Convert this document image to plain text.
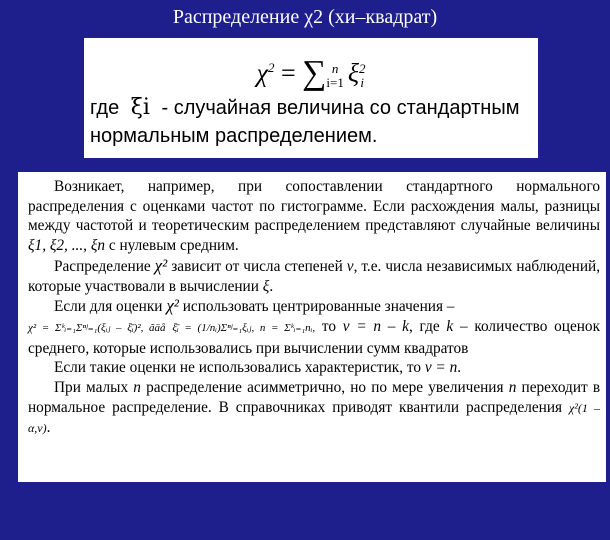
Распределение χ2 (хи–квадрат)
$\chi^2$ = ∑ n
i=1 ξ 2
i
где ξi - случайная величина со стандартным
нормальным распределением.

Возникает, например, при сопоставлении стандартного нормального распределения с оценками частот по гистограмме. Если расхождения малы, разницы между частотой и теоретическим распределением представляют случайные величины ξ1, ξ2, ..., ξn с нулевым средним.

Распределение χ² зависит от числа степеней ν, т.е. числа независимых наблюдений, которые участвовали в вычислении ξ.

Если для оценки χ² использовать центрированные значения –

χ² = Σᵏᵢ₌₁Σⁿʲ₌₁(ξᵢⱼ – ξ̄ᵢ)², ãäå ξ̄ᵢ = (1/nᵢ)Σⁿʲ₌₁ξᵢⱼ, n = Σᵏᵢ₌₁nᵢ, то ν = n – k, где k – количество оценок среднего, которые использовались при вычислении сумм квадратов

Если такие оценки не использовались характеристик, то ν = n.

При малых n распределение асимметрично, но по мере увеличения n переходит в нормальное распределение. В справочниках приводят квантили распределения χ²(1 – α,ν).
